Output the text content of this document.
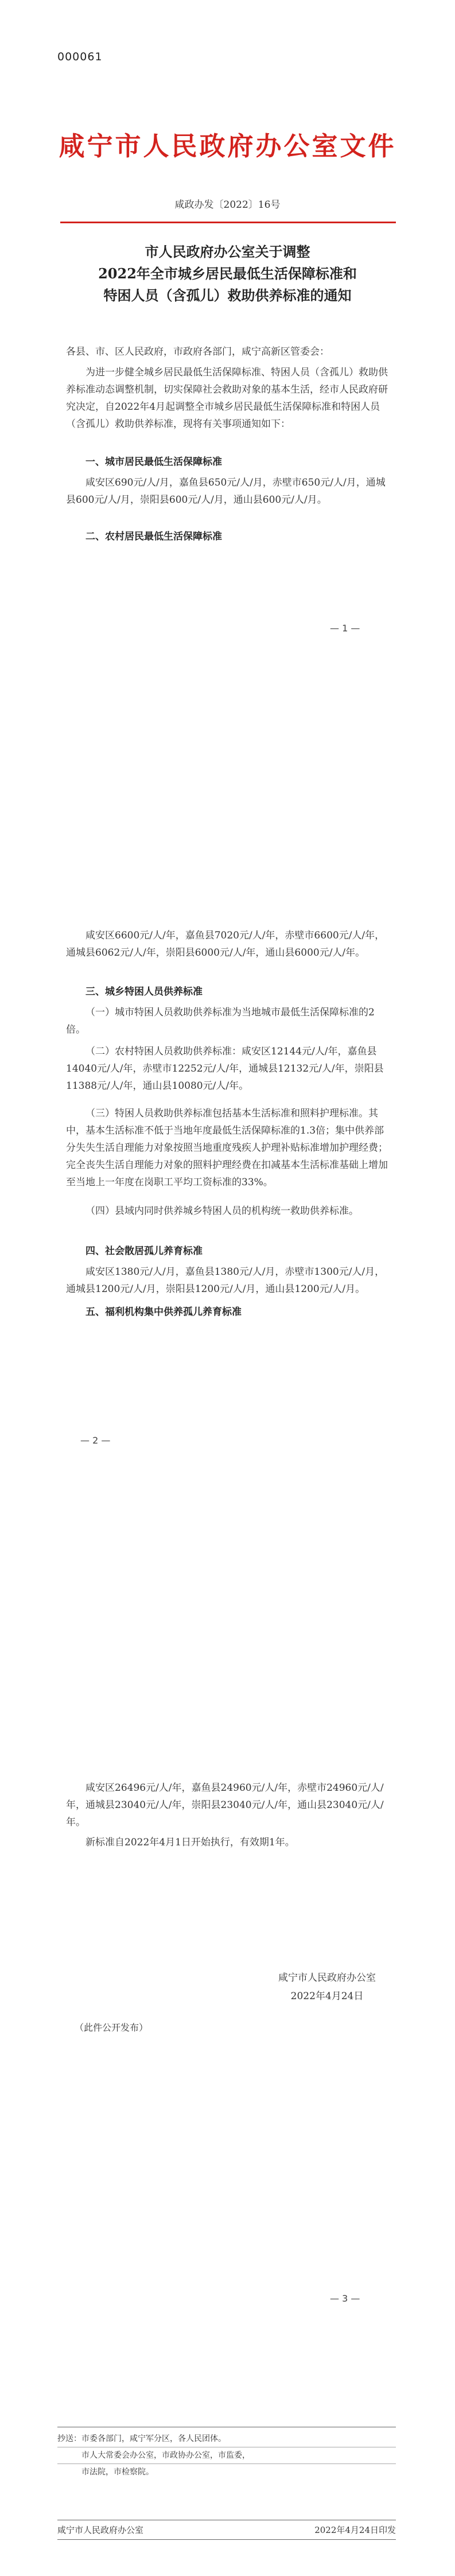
000061
咸宁市人民政府办公室文件
咸政办发〔2022〕16号
市人民政府办公室关于调整
2022年全市城乡居民最低生活保障标准和
特困人员（含孤儿）救助供养标准的通知
各县、市、区人民政府，市政府各部门，咸宁高新区管委会：
为进一步健全城乡居民最低生活保障标准、特困人员（含孤儿）救助供养标准动态调整机制，切实保障社会救助对象的基本生活，经市人民政府研究决定，自2022年4月起调整全市城乡居民最低生活保障标准和特困人员（含孤儿）救助供养标准，现将有关事项通知如下：
一、城市居民最低生活保障标准
咸安区690元/人/月，嘉鱼县650元/人/月，赤壁市650元/人/月，通城县600元/人/月，崇阳县600元/人/月，通山县600元/人/月。
二、农村居民最低生活保障标准
— 1 —
咸安区6600元/人/年，嘉鱼县7020元/人/年，赤壁市6600元/人/年，通城县6062元/人/年，崇阳县6000元/人/年，通山县6000元/人/年。
三、城乡特困人员供养标准
（一）城市特困人员救助供养标准为当地城市最低生活保障标准的2倍。
（二）农村特困人员救助供养标准：咸安区12144元/人/年，嘉鱼县14040元/人/年，赤壁市12252元/人/年，通城县12132元/人/年，崇阳县11388元/人/年，通山县10080元/人/年。
（三）特困人员救助供养标准包括基本生活标准和照料护理标准。其中，基本生活标准不低于当地年度最低生活保障标准的1.3倍；集中供养部分失失生活自理能力对象按照当地重度残疾人护理补贴标准增加护理经费；完全丧失生活自理能力对象的照料护理经费在扣减基本生活标准基础上增加至当地上一年度在岗职工平均工资标准的33%。
（四）县域内同时供养城乡特困人员的机构统一救助供养标准。
四、社会散居孤儿养育标准
咸安区1380元/人/月，嘉鱼县1380元/人/月，赤壁市1300元/人/月，通城县1200元/人/月，崇阳县1200元/人/月，通山县1200元/人/月。
五、福利机构集中供养孤儿养育标准
— 2 —
咸安区26496元/人/年，嘉鱼县24960元/人/年，赤壁市24960元/人/年，通城县23040元/人/年，崇阳县23040元/人/年，通山县23040元/人/年。
新标准自2022年4月1日开始执行，有效期1年。
咸宁市人民政府办公室
2022年4月24日
（此件公开发布）
— 3 —
抄送：市委各部门，咸宁军分区，各人民团体。
市人大常委会办公室，市政协办公室，市监委，
市法院，市检察院。
咸宁市人民政府办公室	2022年4月24日印发
